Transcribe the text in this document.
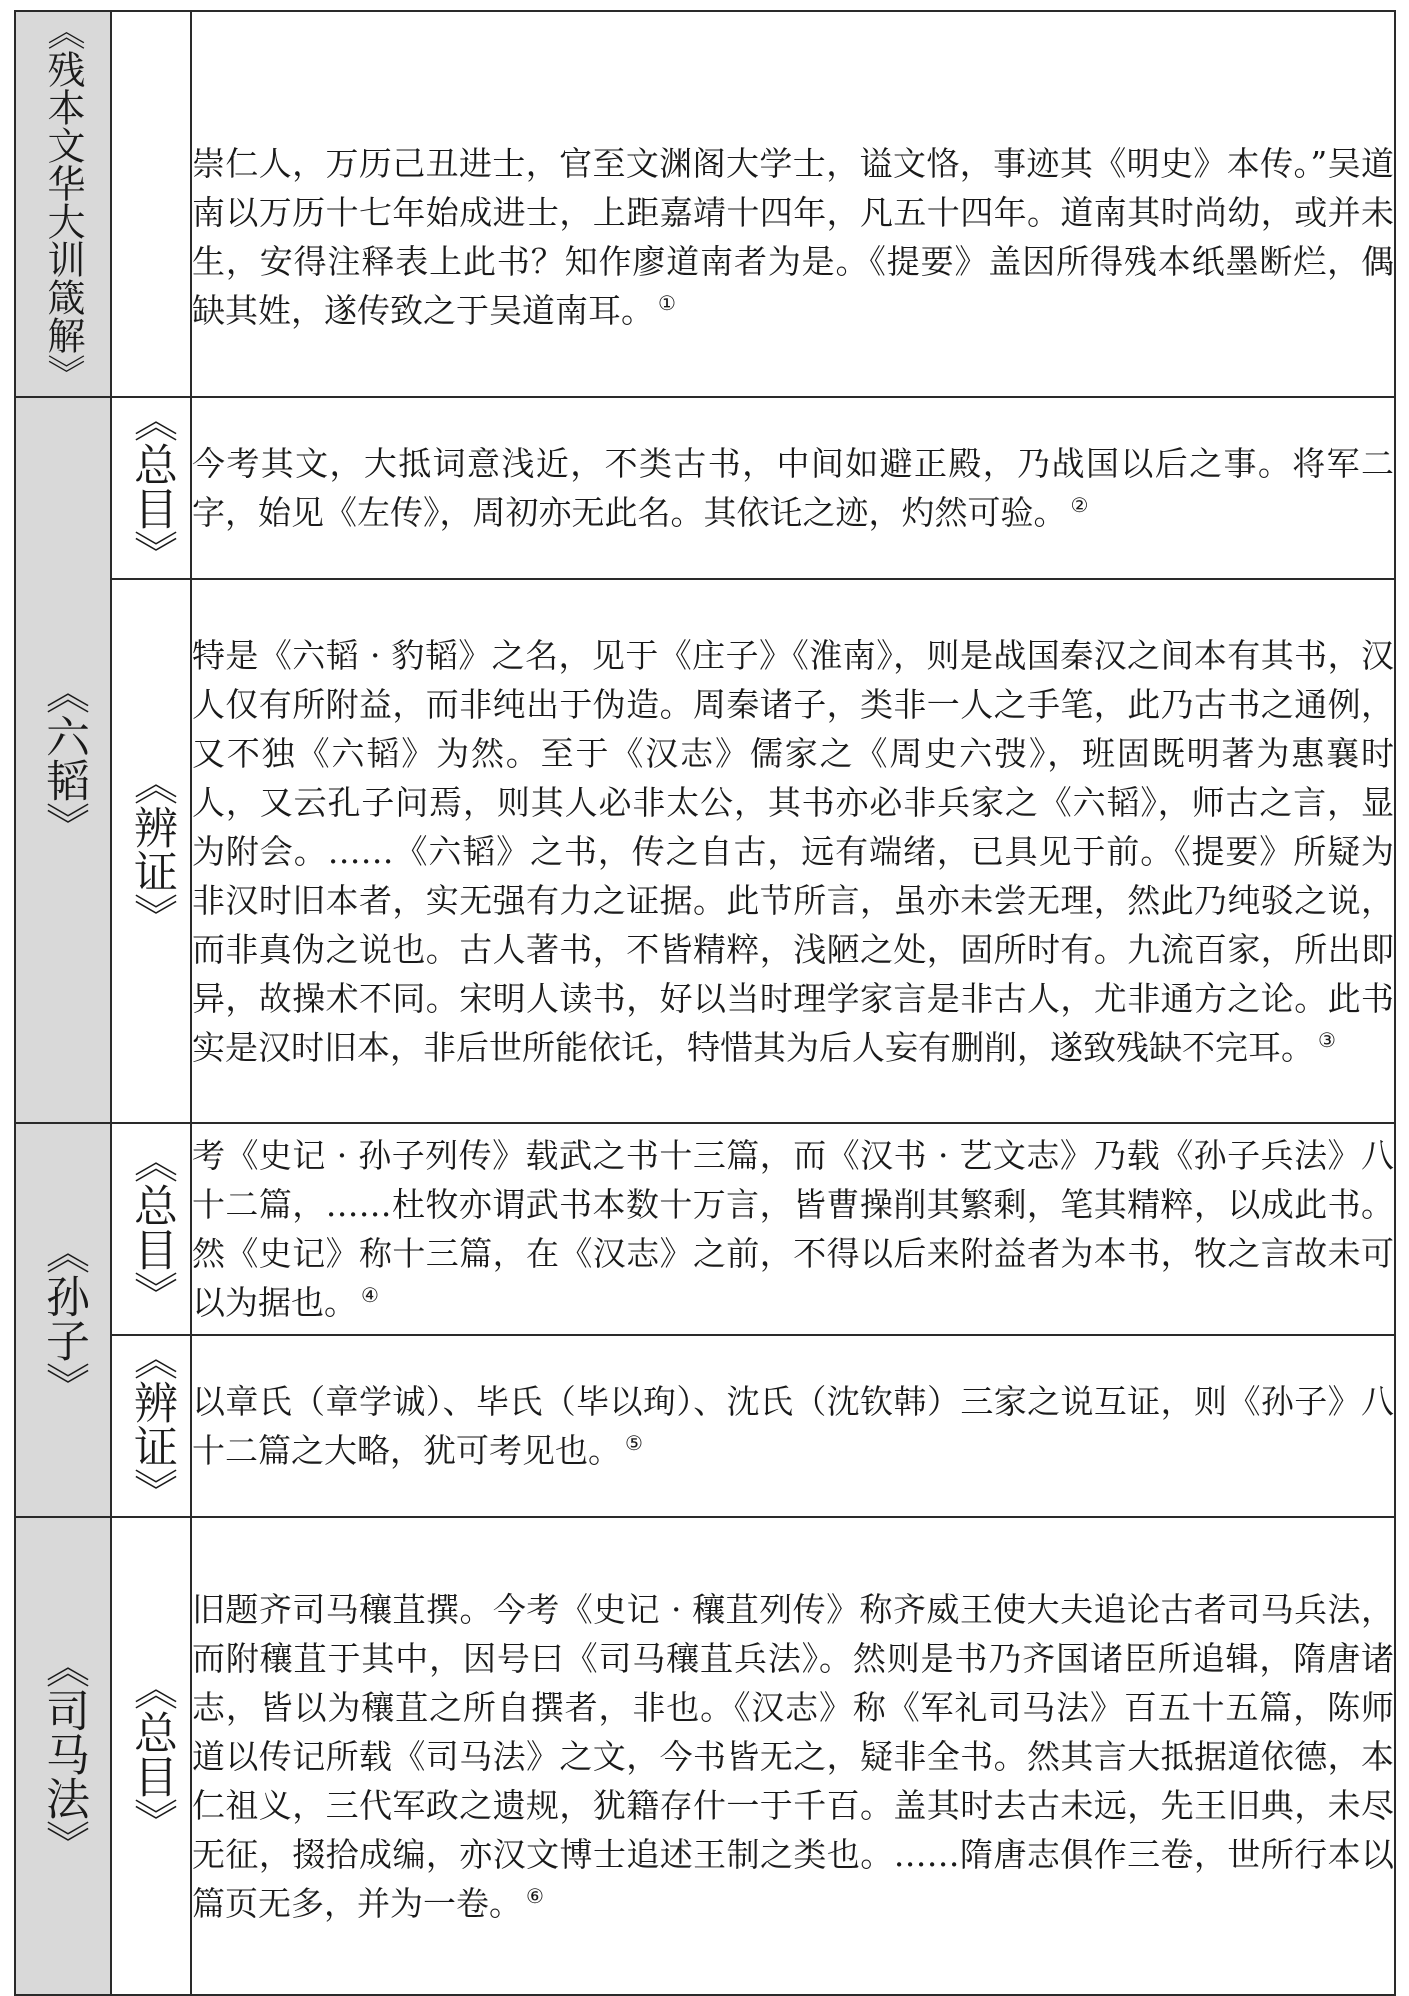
《残本文华大训箴解》		崇仁人，万历己丑进士，官至文渊阁大学士，谥文恪，事迹其《明史》本传。”吴道南以万历十七年始成进士，上距嘉靖十四年，凡五十四年。道南其时尚幼，或并未生，安得注释表上此书？知作廖道南者为是。《提要》盖因所得残本纸墨断烂，偶缺其姓，遂传致之于吴道南耳。 ①
《六韬》	《总目》	今考其文，大抵词意浅近，不类古书，中间如避正殿，乃战国以后之事。将军二字，始见《左传》，周初亦无此名。其依讬之迹，灼然可验。 ②
	《辨证》	特是《六韬 · 豹韬》之名，见于《庄子》《淮南》，则是战国秦汉之间本有其书，汉人仅有所附益，而非纯出于伪造。周秦诸子，类非一人之手笔，此乃古书之通例，又不独《六韬》为然。至于《汉志》儒家之《周史六弢》，班固既明著为惠襄时人，又云孔子问焉，则其人必非太公，其书亦必非兵家之《六韬》，师古之言，显为附会。……《六韬》之书，传之自古，远有端绪，已具见于前。《提要》所疑为非汉时旧本者，实无强有力之证据。此节所言，虽亦未尝无理，然此乃纯驳之说，而非真伪之说也。古人著书，不皆精粹，浅陋之处，固所时有。九流百家，所出即异，故操术不同。宋明人读书，好以当时理学家言是非古人，尤非通方之论。此书实是汉时旧本，非后世所能依讬，特惜其为后人妄有删削，遂致残缺不完耳。 ③
《孙子》	《总目》	考《史记 · 孙子列传》载武之书十三篇，而《汉书 · 艺文志》乃载《孙子兵法》八十二篇，……杜牧亦谓武书本数十万言，皆曹操削其繁剩，笔其精粹，以成此书。然《史记》称十三篇，在《汉志》之前，不得以后来附益者为本书，牧之言故未可以为据也。 ④
	《辨证》	以章氏（章学诚）、毕氏（毕以珣）、沈氏（沈钦韩）三家之说互证，则《孙子》八十二篇之大略，犹可考见也。 ⑤
《司马法》	《总目》	旧题齐司马穰苴撰。今考《史记 · 穰苴列传》称齐威王使大夫追论古者司马兵法，而附穰苴于其中，因号曰《司马穰苴兵法》。然则是书乃齐国诸臣所追辑，隋唐诸志，皆以为穰苴之所自撰者，非也。《汉志》称《军礼司马法》百五十五篇，陈师道以传记所载《司马法》之文，今书皆无之，疑非全书。然其言大抵据道依德，本仁祖义，三代军政之遗规，犹籍存什一于千百。盖其时去古未远，先王旧典，未尽无征，掇拾成编，亦汉文博士追述王制之类也。……隋唐志俱作三卷，世所行本以篇页无多，并为一卷。 ⑥
